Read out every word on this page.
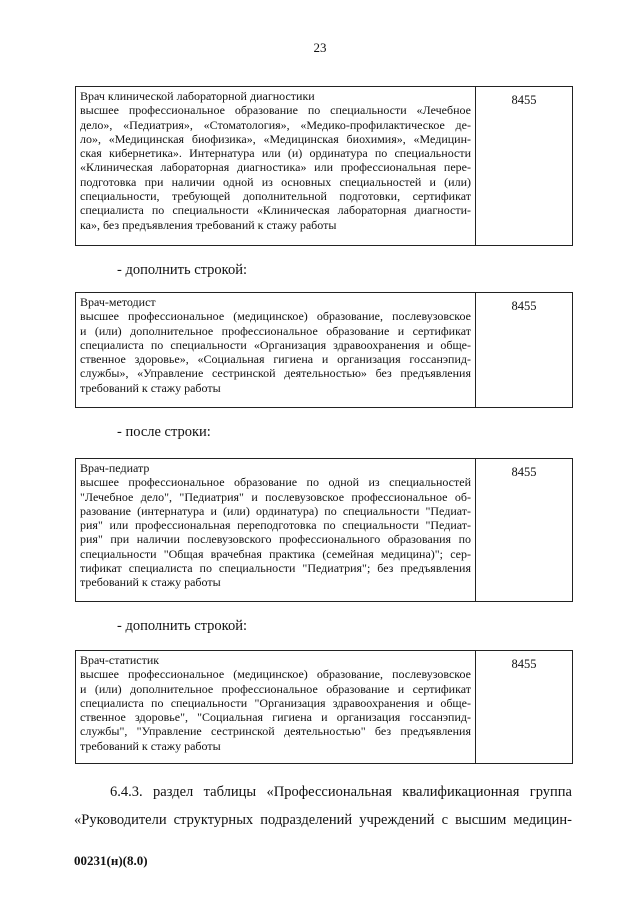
23
Врач клинической лабораторной диагностики
высшее профессиональное образование по специальности «Лечебное
дело», «Педиатрия», «Стоматология», «Медико-профилактическое де-
ло», «Медицинская биофизика», «Медицинская биохимия», «Медицин-
ская кибернетика». Интернатура или (и) ординатура по специальности
«Клиническая лабораторная диагностика» или профессиональная пере-
подготовка при наличии одной из основных специальностей и (или)
специальности, требующей дополнительной подготовки, сертификат
специалиста по специальности «Клиническая лабораторная диагности-
ка», без предъявления требований к стажу работы
8455
- дополнить строкой:
Врач-методист
высшее профессиональное (медицинское) образование, послевузовское
и (или) дополнительное профессиональное образование и сертификат
специалиста по специальности «Организация здравоохранения и обще-
ственное здоровье», «Социальная гигиена и организация госсанэпид-
службы», «Управление сестринской деятельностью» без предъявления
требований к стажу работы
8455
- после строки:
Врач-педиатр
высшее профессиональное образование по одной из специальностей
"Лечебное дело", "Педиатрия" и послевузовское профессиональное об-
разование (интернатура и (или) ординатура) по специальности "Педиат-
рия" или профессиональная переподготовка по специальности "Педиат-
рия" при наличии послевузовского профессионального образования по
специальности "Общая врачебная практика (семейная медицина)"; сер-
тификат специалиста по специальности "Педиатрия"; без предъявления
требований к стажу работы
8455
- дополнить строкой:
Врач-статистик
высшее профессиональное (медицинское) образование, послевузовское
и (или) дополнительное профессиональное образование и сертификат
специалиста по специальности "Организация здравоохранения и обще-
ственное здоровье", "Социальная гигиена и организация госсанэпид-
службы", "Управление сестринской деятельностью" без предъявления
требований к стажу работы
8455
6.4.3. раздел таблицы «Профессиональная квалификационная группа
«Руководители структурных подразделений учреждений с высшим медицин-
00231(н)(8.0)
